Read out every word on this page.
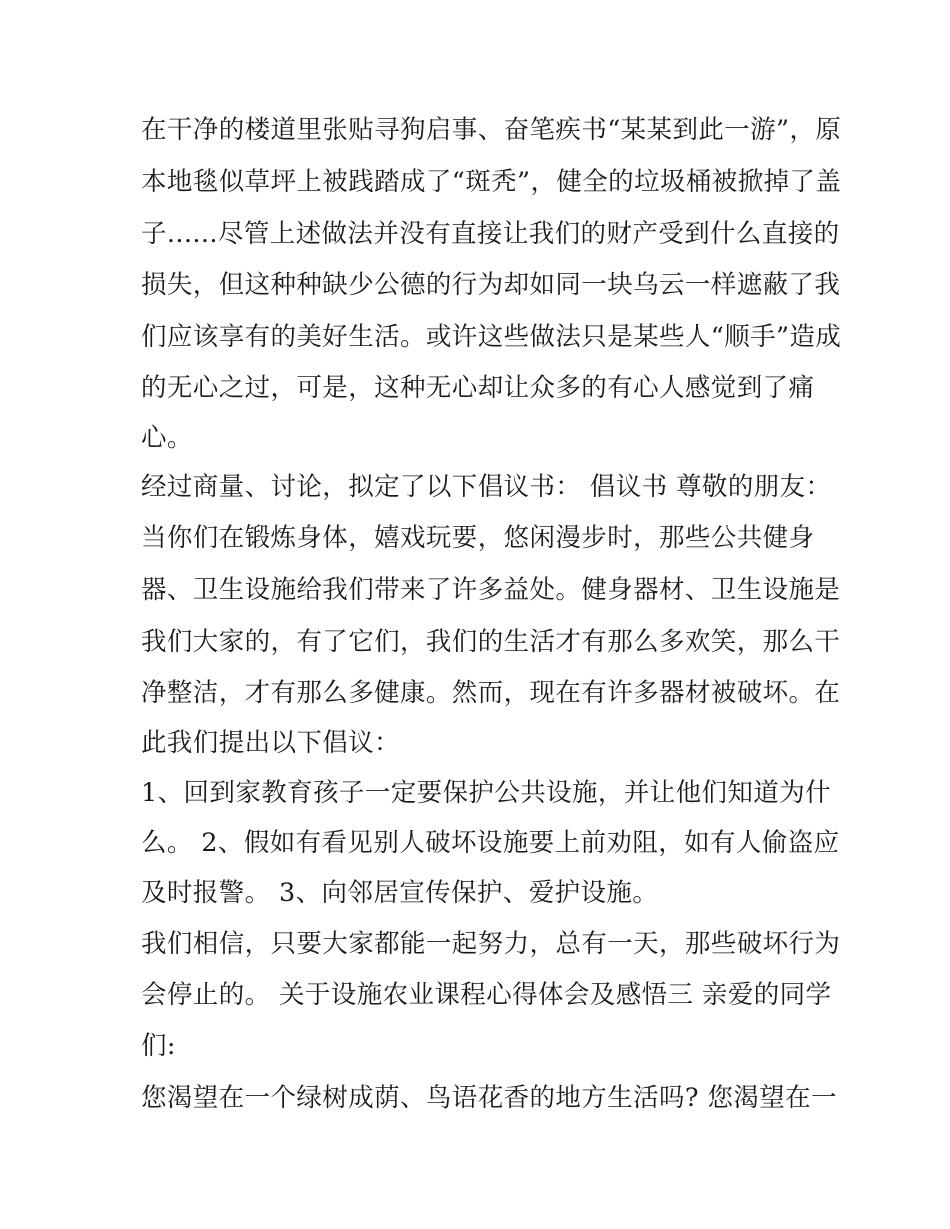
在干净的楼道里张贴寻狗启事、奋笔疾书“某某到此一游”，原
本地毯似草坪上被践踏成了“斑秃”，健全的垃圾桶被掀掉了盖
子......尽管上述做法并没有直接让我们的财产受到什么直接的
损失，但这种种缺少公德的行为却如同一块乌云一样遮蔽了我
们应该享有的美好生活。或许这些做法只是某些人“顺手”造成
的无心之过，可是，这种无心却让众多的有心人感觉到了痛
心。
经过商量、讨论，拟定了以下倡议书： 倡议书 尊敬的朋友：
当你们在锻炼身体，嬉戏玩要，悠闲漫步时，那些公共健身
器、卫生设施给我们带来了许多益处。健身器材、卫生设施是
我们大家的，有了它们，我们的生活才有那么多欢笑，那么干
净整洁，才有那么多健康。然而，现在有许多器材被破坏。在
此我们提出以下倡议：
1、回到家教育孩子一定要保护公共设施，并让他们知道为什
么。 2、假如有看见别人破坏设施要上前劝阻，如有人偷盗应
及时报警。 3、向邻居宣传保护、爱护设施。
我们相信，只要大家都能一起努力，总有一天，那些破坏行为
会停止的。 关于设施农业课程心得体会及感悟三 亲爱的同学
们:
您渴望在一个绿树成荫、鸟语花香的地方生活吗? 您渴望在一
